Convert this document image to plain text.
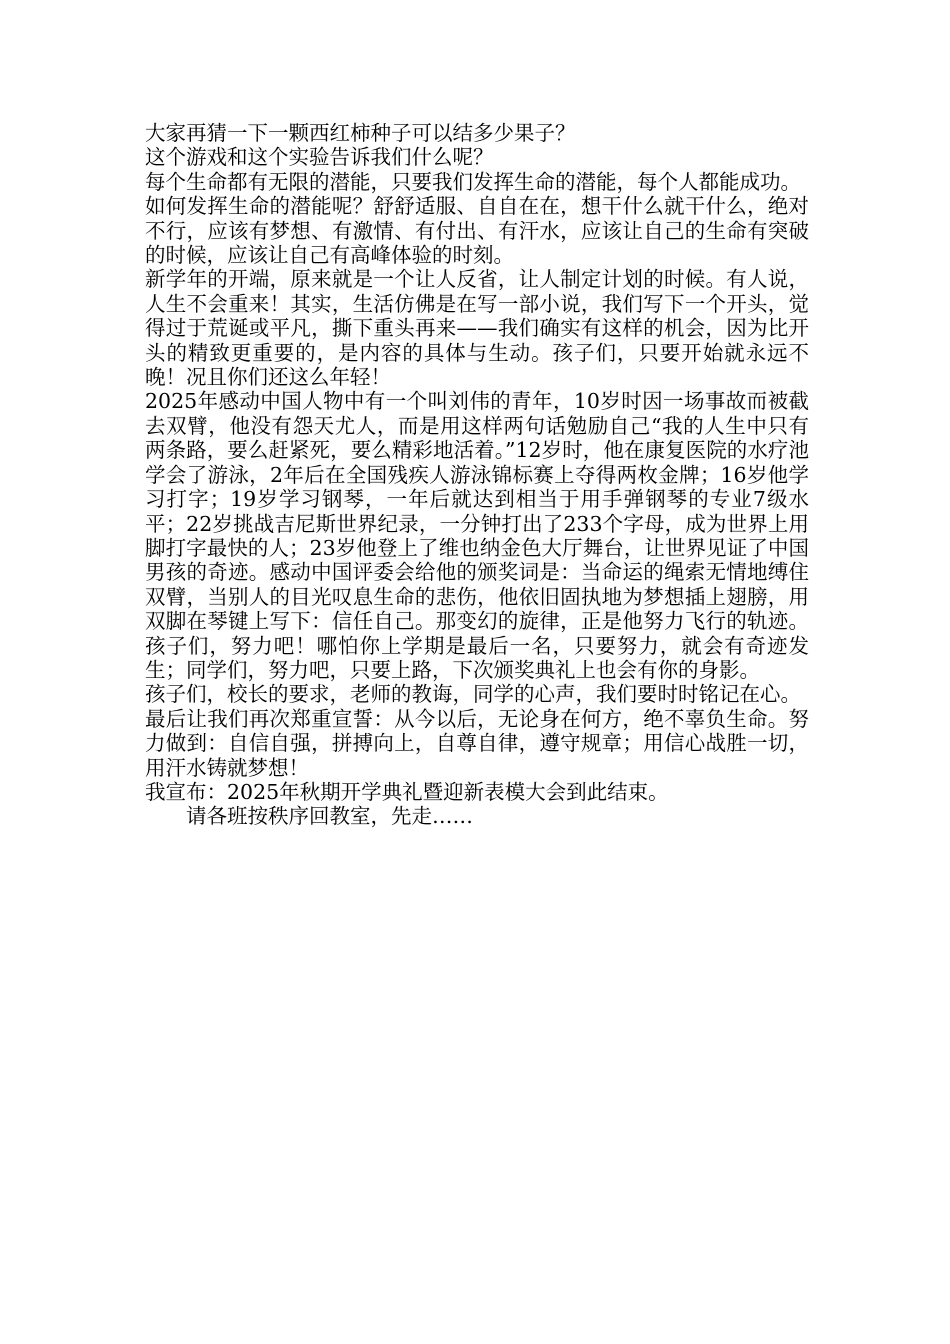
大家再猜一下一颗西红柿种子可以结多少果子？

这个游戏和这个实验告诉我们什么呢？

每个生命都有无限的潜能，只要我们发挥生命的潜能，每个人都能成功。

如何发挥生命的潜能呢？舒舒适服、自自在在，想干什么就干什么，绝对不行，应该有梦想、有激情、有付出、有汗水，应该让自己的生命有突破的时候，应该让自己有高峰体验的时刻。

新学年的开端，原来就是一个让人反省，让人制定计划的时候。有人说，人生不会重来！其实，生活仿佛是在写一部小说，我们写下一个开头，觉得过于荒诞或平凡，撕下重头再来——我们确实有这样的机会，因为比开头的精致更重要的，是内容的具体与生动。孩子们，只要开始就永远不晚！况且你们还这么年轻！

2025年感动中国人物中有一个叫刘伟的青年，10岁时因一场事故而被截去双臂，他没有怨天尤人，而是用这样两句话勉励自己“我的人生中只有两条路，要么赶紧死，要么精彩地活着。”12岁时，他在康复医院的水疗池学会了游泳，2年后在全国残疾人游泳锦标赛上夺得两枚金牌；16岁他学习打字；19岁学习钢琴，一年后就达到相当于用手弹钢琴的专业7级水平；22岁挑战吉尼斯世界纪录，一分钟打出了233个字母，成为世界上用脚打字最快的人；23岁他登上了维也纳金色大厅舞台，让世界见证了中国男孩的奇迹。感动中国评委会给他的颁奖词是：当命运的绳索无情地缚住双臂，当别人的目光叹息生命的悲伤，他依旧固执地为梦想插上翅膀，用双脚在琴键上写下：信任自己。那变幻的旋律，正是他努力飞行的轨迹。孩子们，努力吧！哪怕你上学期是最后一名，只要努力，就会有奇迹发生；同学们，努力吧，只要上路，下次颁奖典礼上也会有你的身影。

孩子们，校长的要求，老师的教诲，同学的心声，我们要时时铭记在心。

最后让我们再次郑重宣誓：从今以后，无论身在何方，绝不辜负生命。努力做到：自信自强，拼搏向上，自尊自律，遵守规章；用信心战胜一切， 用汗水铸就梦想！

我宣布：2025年秋期开学典礼暨迎新表模大会到此结束。

请各班按秩序回教室，先走……
